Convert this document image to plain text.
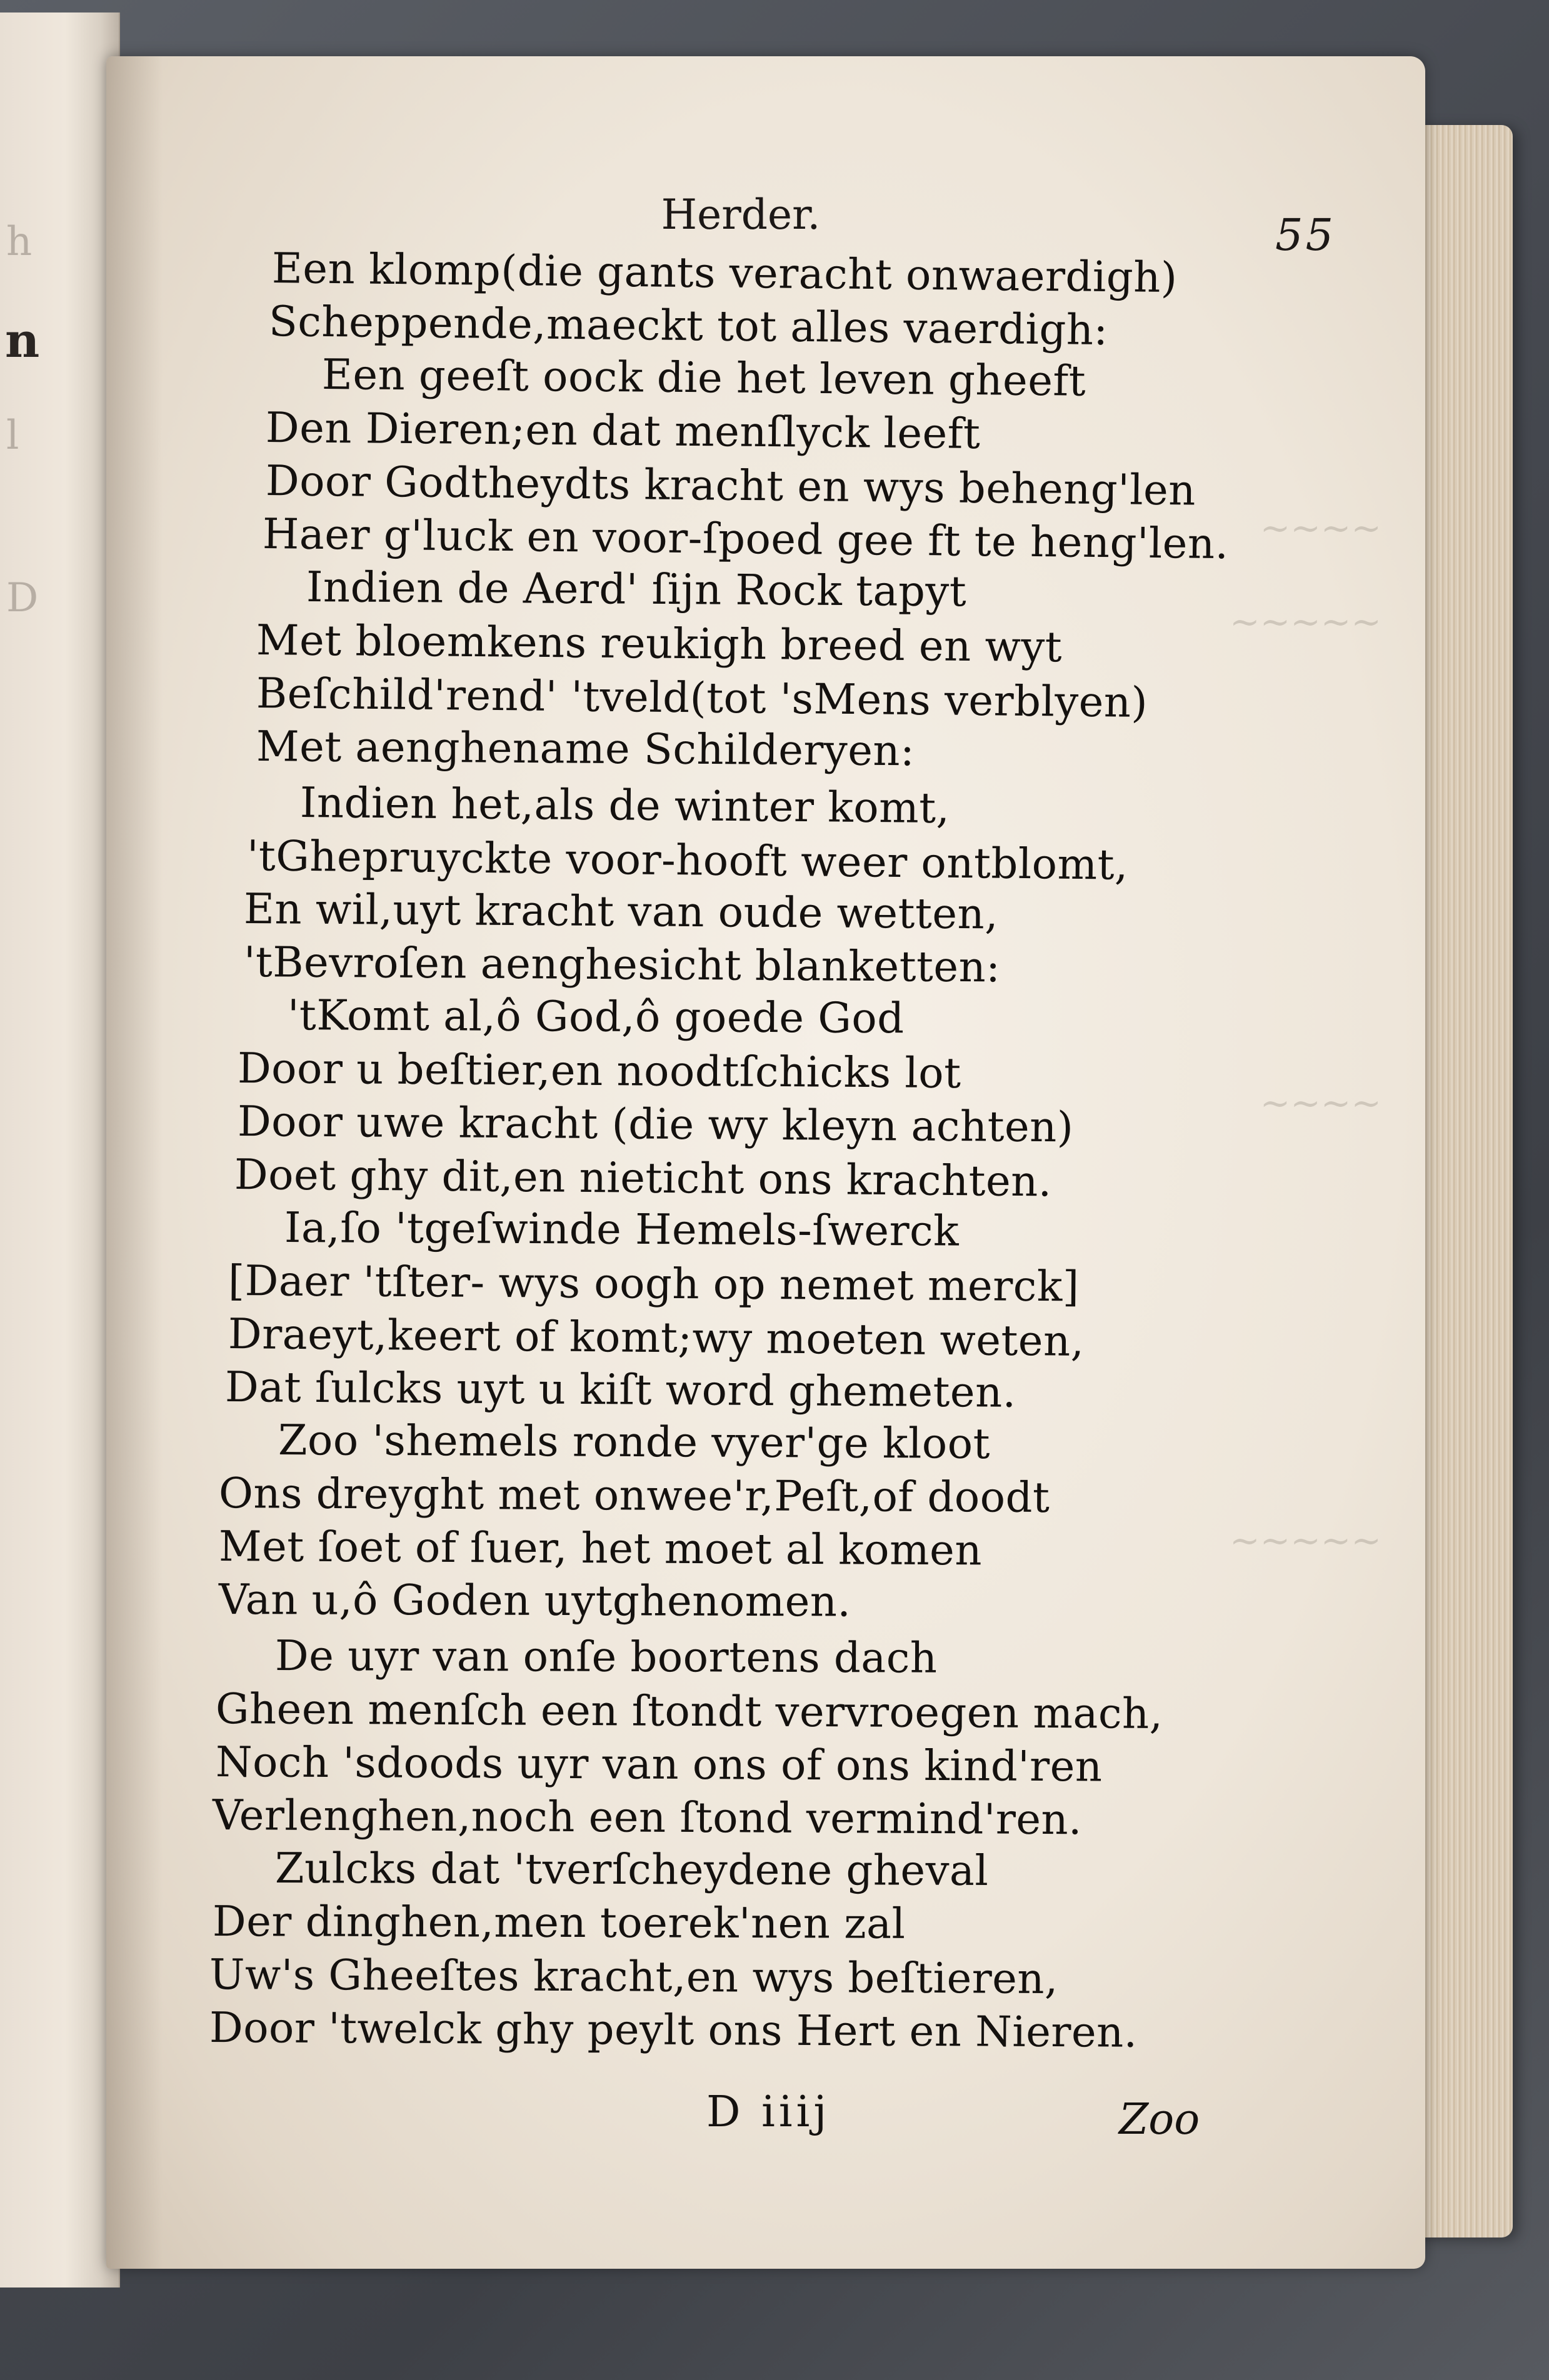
h
l
D
n
~~~~
~~~~~
~~~~
~~~~~
Herder.	55
Een klomp(die gants veracht onwaerdigh)
Scheppende,maeckt tot alles vaerdigh:
Een geeſt oock die het leven gheeft
Den Dieren;en dat menſlyck leeft
Door Godtheydts kracht en wys beheng'len
Haer g'luck en voor-ſpoed gee ft te heng'len.
Indien de Aerd' ſijn Rock tapyt
Met bloemkens reukigh breed en wyt
Beſchild'rend' 'tveld(tot 'sMens verblyen)
Met aenghename Schilderyen:
Indien het,als de winter komt,
'tGhepruyckte voor-hooft weer ontblomt,
En wil,uyt kracht van oude wetten,
'tBevroſen aenghesicht blanketten:
'tKomt al,ô God,ô goede God
Door u beſtier,en noodtſchicks lot
Door uwe kracht (die wy kleyn achten)
Doet ghy dit,en nieticht ons krachten.
Ia,ſo 'tgeſwinde Hemels-ſwerck
[Daer 'tſter- wys oogh op nemet merck]
Draeyt,keert of komt;wy moeten weten,
Dat ſulcks uyt u kiſt word ghemeten.
Zoo 'shemels ronde vyer'ge kloot
Ons dreyght met onwee'r,Peſt,of doodt
Met ſoet of ſuer, het moet al komen
Van u,ô Goden uytghenomen.
De uyr van onſe boortens dach
Gheen menſch een ſtondt vervroegen mach,
Noch 'sdoods uyr van ons of ons kind'ren
Verlenghen,noch een ſtond vermind'ren.
Zulcks dat 'tverſcheydene gheval
Der dinghen,men toerek'nen zal
Uw's Gheeſtes kracht,en wys beſtieren,
Door 'twelck ghy peylt ons Hert en Nieren.
D iiij	Zoo
